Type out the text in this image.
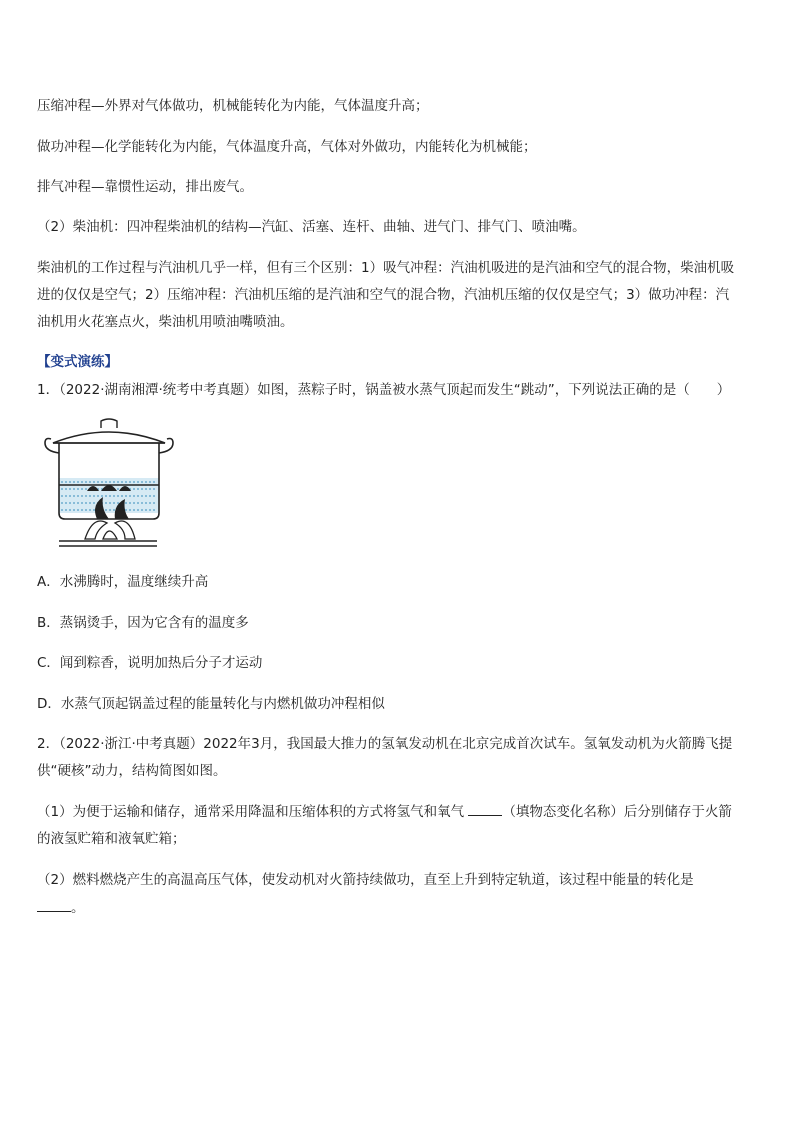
压缩冲程—外界对气体做功，机械能转化为内能，气体温度升高；
做功冲程—化学能转化为内能，气体温度升高，气体对外做功，内能转化为机械能；
排气冲程—靠惯性运动，排出废气。
（2）柴油机：四冲程柴油机的结构—汽缸、活塞、连杆、曲轴、进气门、排气门、喷油嘴。
柴油机的工作过程与汽油机几乎一样，但有三个区别：1）吸气冲程：汽油机吸进的是汽油和空气的混合物，柴油机吸
进的仅仅是空气；2）压缩冲程：汽油机压缩的是汽油和空气的混合物，汽油机压缩的仅仅是空气；3）做功冲程：汽
油机用火花塞点火，柴油机用喷油嘴喷油。
【变式演练】
1．（2022·湖南湘潭·统考中考真题）如图，蒸粽子时，锅盖被水蒸气顶起而发生“跳动”，下列说法正确的是（　　）
A．水沸腾时，温度继续升高
B．蒸锅烫手，因为它含有的温度多
C．闻到粽香，说明加热后分子才运动
D．水蒸气顶起锅盖过程的能量转化与内燃机做功冲程相似
2．（2022·浙江·中考真题）2022年3月，我国最大推力的氢氧发动机在北京完成首次试车。氢氧发动机为火箭腾飞提
供“硬核”动力，结构简图如图。
（1）为便于运输和储存，通常采用降温和压缩体积的方式将氢气和氧气	（填物态变化名称）后分别储存于火箭
的液氢贮箱和液氧贮箱；
（2）燃料燃烧产生的高温高压气体，使发动机对火箭持续做功，直至上升到特定轨道，该过程中能量的转化是
。
